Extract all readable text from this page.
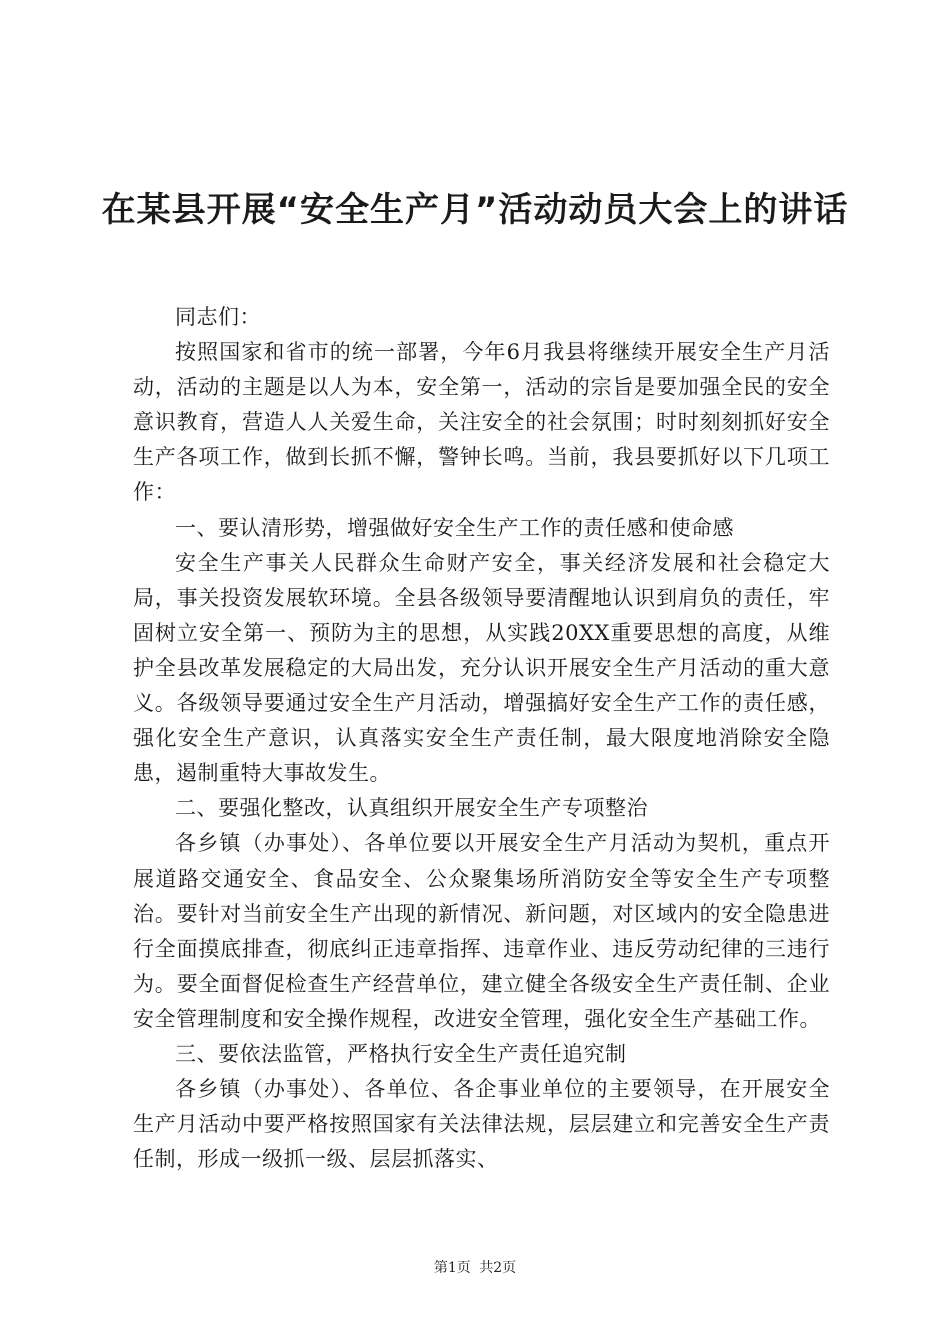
在某县开展“安全生产月”活动动员大会上的讲话

同志们：

按照国家和省市的统一部署，今年6月我县将继续开展安全生产月活动，活动的主题是以人为本，安全第一，活动的宗旨是要加强全民的安全意识教育，营造人人关爱生命，关注安全的社会氛围；时时刻刻抓好安全生产各项工作，做到长抓不懈，警钟长鸣。当前，我县要抓好以下几项工作：

一、要认清形势，增强做好安全生产工作的责任感和使命感

安全生产事关人民群众生命财产安全，事关经济发展和社会稳定大局，事关投资发展软环境。全县各级领导要清醒地认识到肩负的责任，牢固树立安全第一、预防为主的思想，从实践20XX重要思想的高度，从维护全县改革发展稳定的大局出发，充分认识开展安全生产月活动的重大意义。各级领导要通过安全生产月活动，增强搞好安全生产工作的责任感，强化安全生产意识，认真落实安全生产责任制，最大限度地消除安全隐患，遏制重特大事故发生。

二、要强化整改，认真组织开展安全生产专项整治

各乡镇（办事处）、各单位要以开展安全生产月活动为契机，重点开展道路交通安全、食品安全、公众聚集场所消防安全等安全生产专项整治。要针对当前安全生产出现的新情况、新问题，对区域内的安全隐患进行全面摸底排查，彻底纠正违章指挥、违章作业、违反劳动纪律的三违行为。要全面督促检查生产经营单位，建立健全各级安全生产责任制、企业安全管理制度和安全操作规程，改进安全管理，强化安全生产基础工作。

三、要依法监管，严格执行安全生产责任追究制

各乡镇（办事处）、各单位、各企事业单位的主要领导，在开展安全生产月活动中要严格按照国家有关法律法规，层层建立和完善安全生产责任制，形成一级抓一级、层层抓落实、

第1页 共2页
